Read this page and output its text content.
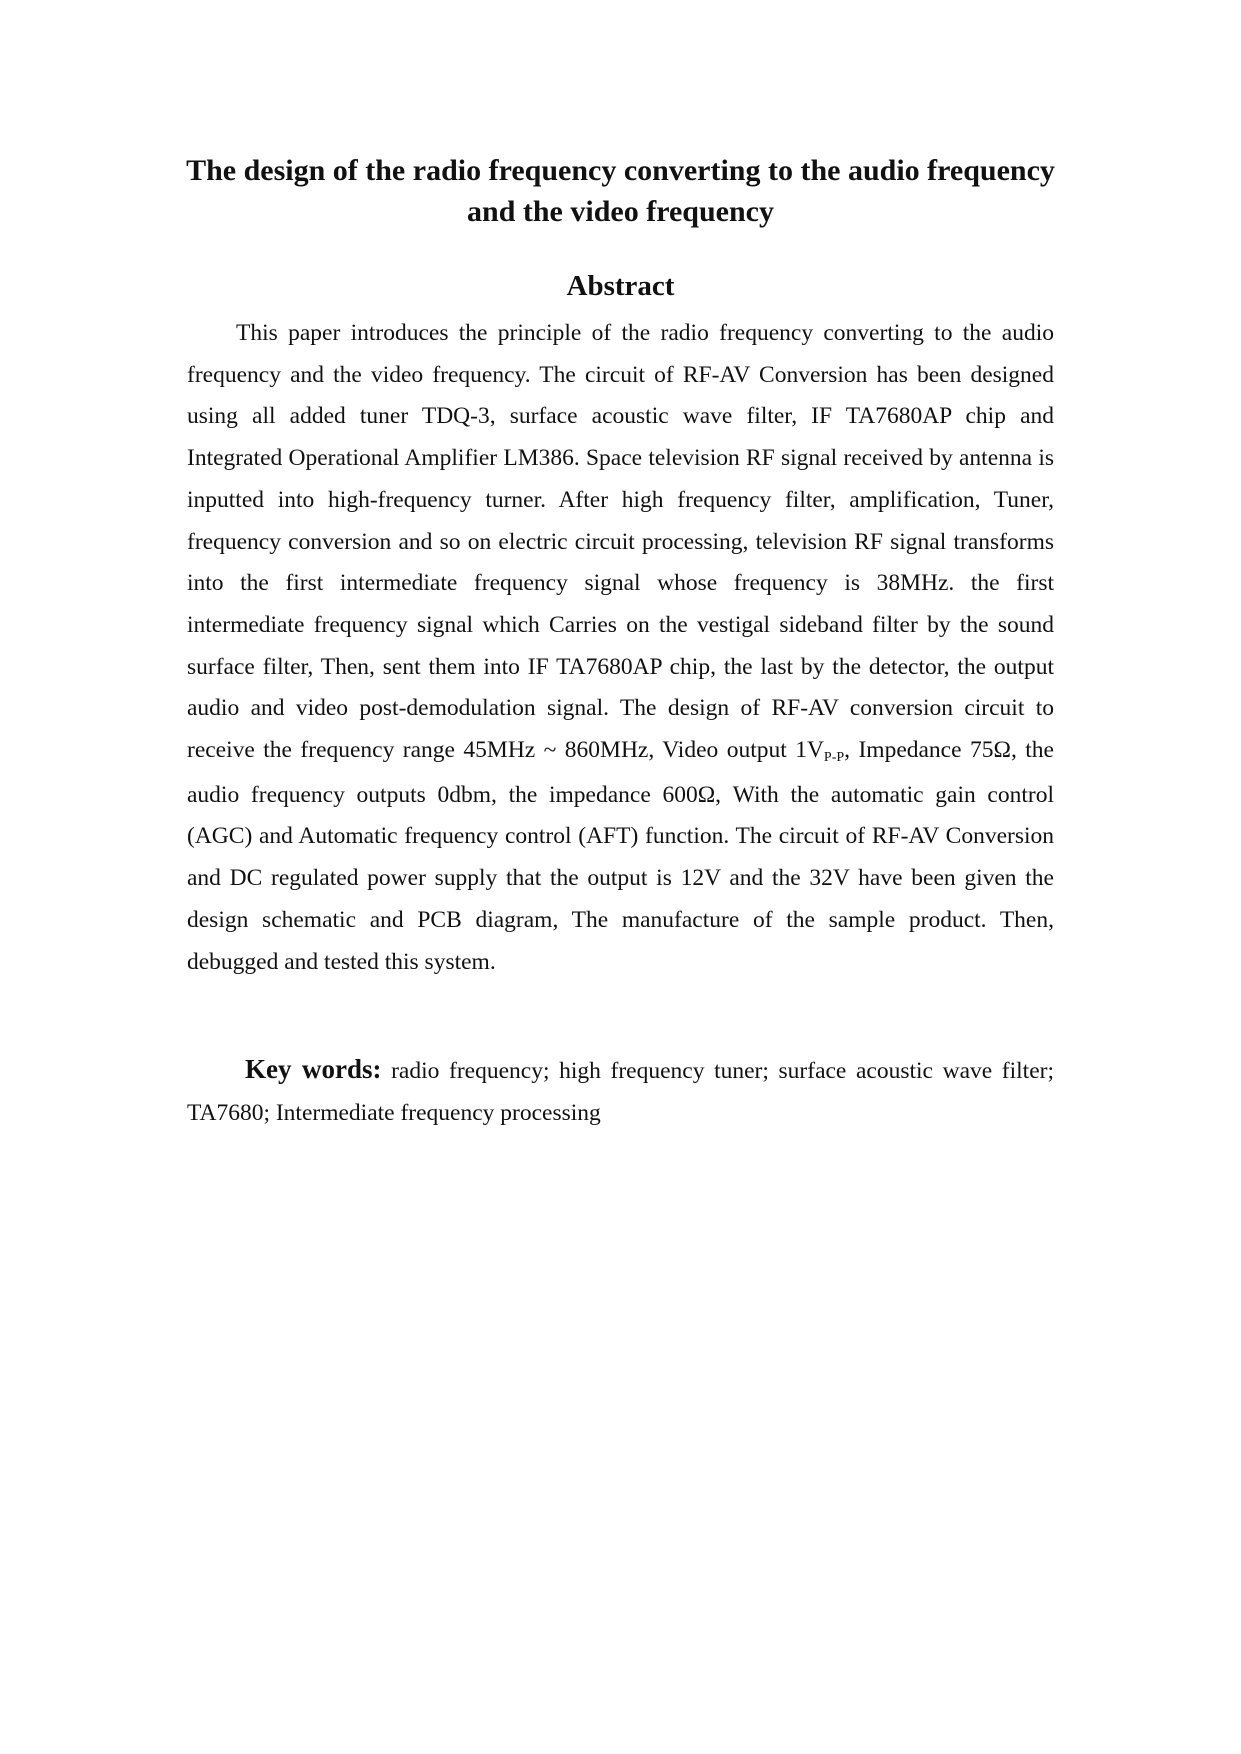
The design of the radio frequency converting to the audio frequency and the video frequency
Abstract

This paper introduces the principle of the radio frequency converting to the audio frequency and the video frequency. The circuit of RF-AV Conversion has been designed using all added tuner TDQ-3, surface acoustic wave filter, IF TA7680AP chip and Integrated Operational Amplifier LM386. Space television RF signal received by antenna is inputted into high-frequency turner. After high frequency filter, amplification, Tuner, frequency conversion and so on electric circuit processing, television RF signal transforms into the first intermediate frequency signal whose frequency is 38MHz. the first intermediate frequency signal which Carries on the vestigal sideband filter by the sound surface filter, Then, sent them into IF TA7680AP chip, the last by the detector, the output audio and video post-demodulation signal. The design of RF-AV conversion circuit to receive the frequency range 45MHz ~ 860MHz, Video output $1V_{P-P}$, Impedance 75Ω, the audio frequency outputs 0dbm, the impedance 600Ω, With the automatic gain control (AGC) and Automatic frequency control (AFT) function. The circuit of RF-AV Conversion and DC regulated power supply that the output is 12V and the 32V have been given the design schematic and PCB diagram, The manufacture of the sample product. Then, debugged and tested this system.

Key words: radio frequency; high frequency tuner; surface acoustic wave filter; TA7680; Intermediate frequency processing
